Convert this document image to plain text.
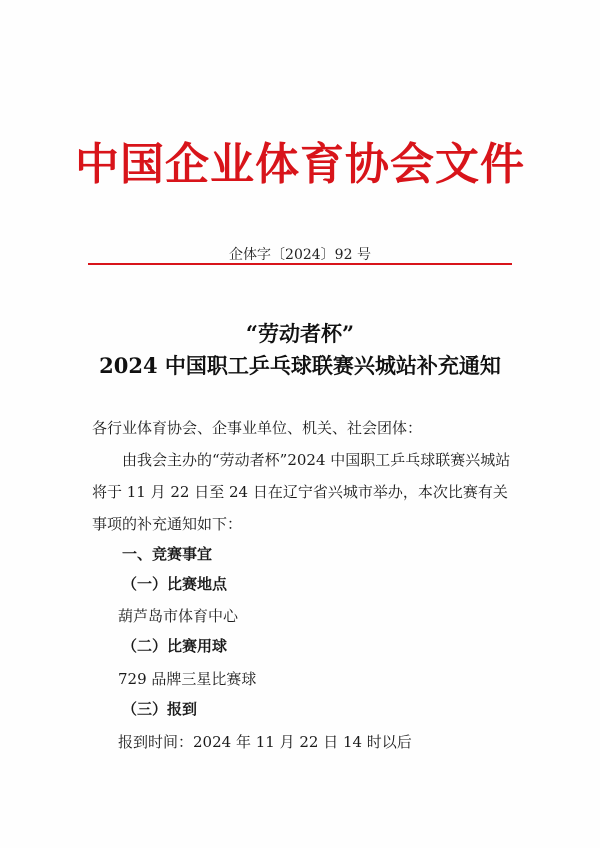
中国企业体育协会文件
企体字〔2024〕92 号
“劳动者杯”
2024 中国职工乒乓球联赛兴城站补充通知
各行业体育协会、企事业单位、机关、社会团体：
由我会主办的“劳动者杯”2024 中国职工乒乓球联赛兴城站将于 11 月 22 日至 24 日在辽宁省兴城市举办，本次比赛有关事项的补充通知如下：
一、竞赛事宜
（一）比赛地点
葫芦岛市体育中心
（二）比赛用球
729 品牌三星比赛球
（三）报到
报到时间：2024 年 11 月 22 日 14 时以后
